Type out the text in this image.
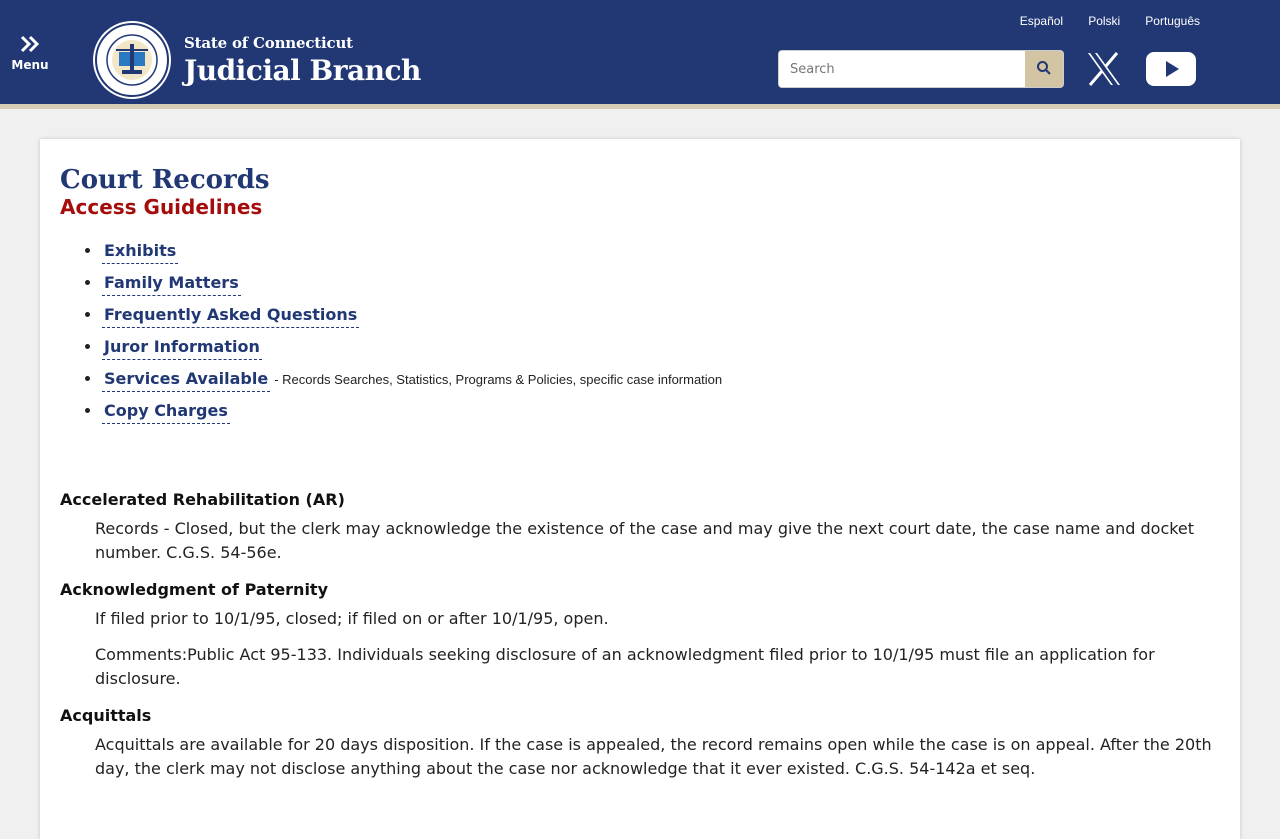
Menu
State of Connecticut
Judicial Branch
Español Polski Português
Search
Court Records
Access Guidelines
• Exhibits
• Family Matters
• Frequently Asked Questions
• Juror Information
• Services Available - Records Searches, Statistics, Programs & Policies, specific case information
• Copy Charges

Accelerated Rehabilitation (AR)

Records - Closed, but the clerk may acknowledge the existence of the case and may give the next court date, the case name and docket number. C.G.S. 54-56e.

Acknowledgment of Paternity

If filed prior to 10/1/95, closed; if filed on or after 10/1/95, open.

Comments:Public Act 95-133. Individuals seeking disclosure of an acknowledgment filed prior to 10/1/95 must file an application for disclosure.

Acquittals

Acquittals are available for 20 days disposition. If the case is appealed, the record remains open while the case is on appeal. After the 20th day, the clerk may not disclose anything about the case nor acknowledge that it ever existed. C.G.S. 54-142a et seq.
